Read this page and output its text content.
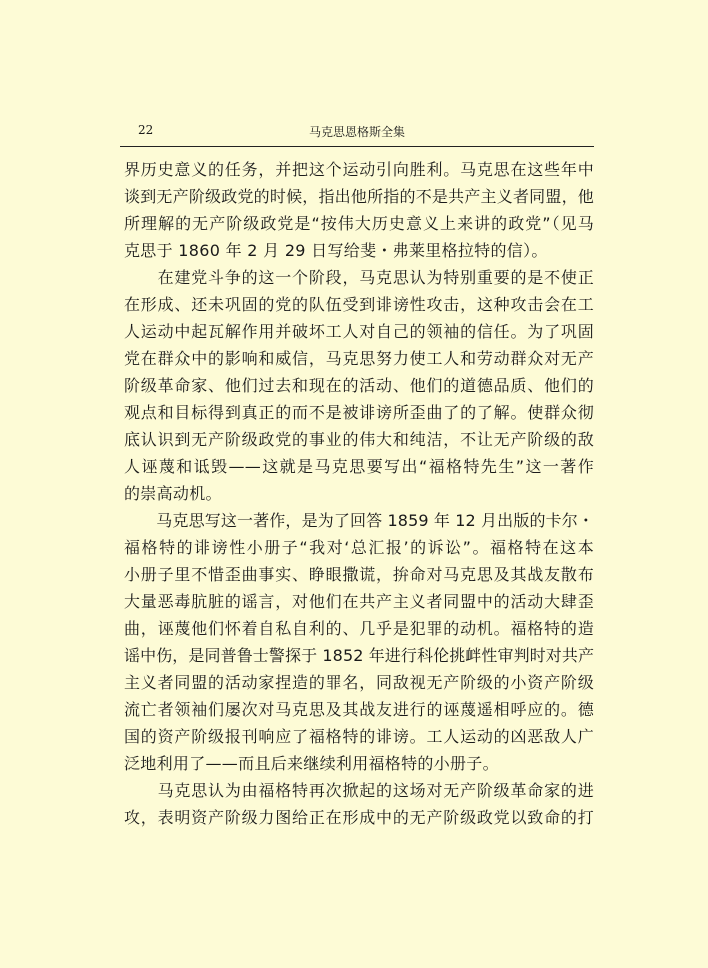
22	马克思恩格斯全集
界历史意义的任务，并把这个运动引向胜利。马克思在这些年中
谈到无产阶级政党的时候，指出他所指的不是共产主义者同盟，他
所理解的无产阶级政党是“按伟大历史意义上来讲的政党”（见马
克思于 1860 年 2 月 29 日写给斐・弗莱里格拉特的信）。
　　在建党斗争的这一个阶段，马克思认为特别重要的是不使正
在形成、还未巩固的党的队伍受到诽谤性攻击，这种攻击会在工
人运动中起瓦解作用并破坏工人对自己的领袖的信任。为了巩固
党在群众中的影响和威信，马克思努力使工人和劳动群众对无产
阶级革命家、他们过去和现在的活动、他们的道德品质、他们的
观点和目标得到真正的而不是被诽谤所歪曲了的了解。使群众彻
底认识到无产阶级政党的事业的伟大和纯洁，不让无产阶级的敌
人诬蔑和诋毁——这就是马克思要写出“福格特先生”这一著作
的崇高动机。
　　马克思写这一著作，是为了回答 1859 年 12 月出版的卡尔・
福格特的诽谤性小册子“我对‘总汇报’的诉讼”。福格特在这本
小册子里不惜歪曲事实、睁眼撒谎，拚命对马克思及其战友散布
大量恶毒肮脏的谣言，对他们在共产主义者同盟中的活动大肆歪
曲，诬蔑他们怀着自私自利的、几乎是犯罪的动机。福格特的造
谣中伤，是同普鲁士警探于 1852 年进行科伦挑衅性审判时对共产
主义者同盟的活动家捏造的罪名，同敌视无产阶级的小资产阶级
流亡者领袖们屡次对马克思及其战友进行的诬蔑遥相呼应的。德
国的资产阶级报刊响应了福格特的诽谤。工人运动的凶恶敌人广
泛地利用了——而且后来继续利用福格特的小册子。
　　马克思认为由福格特再次掀起的这场对无产阶级革命家的进
攻，表明资产阶级力图给正在形成中的无产阶级政党以致命的打
